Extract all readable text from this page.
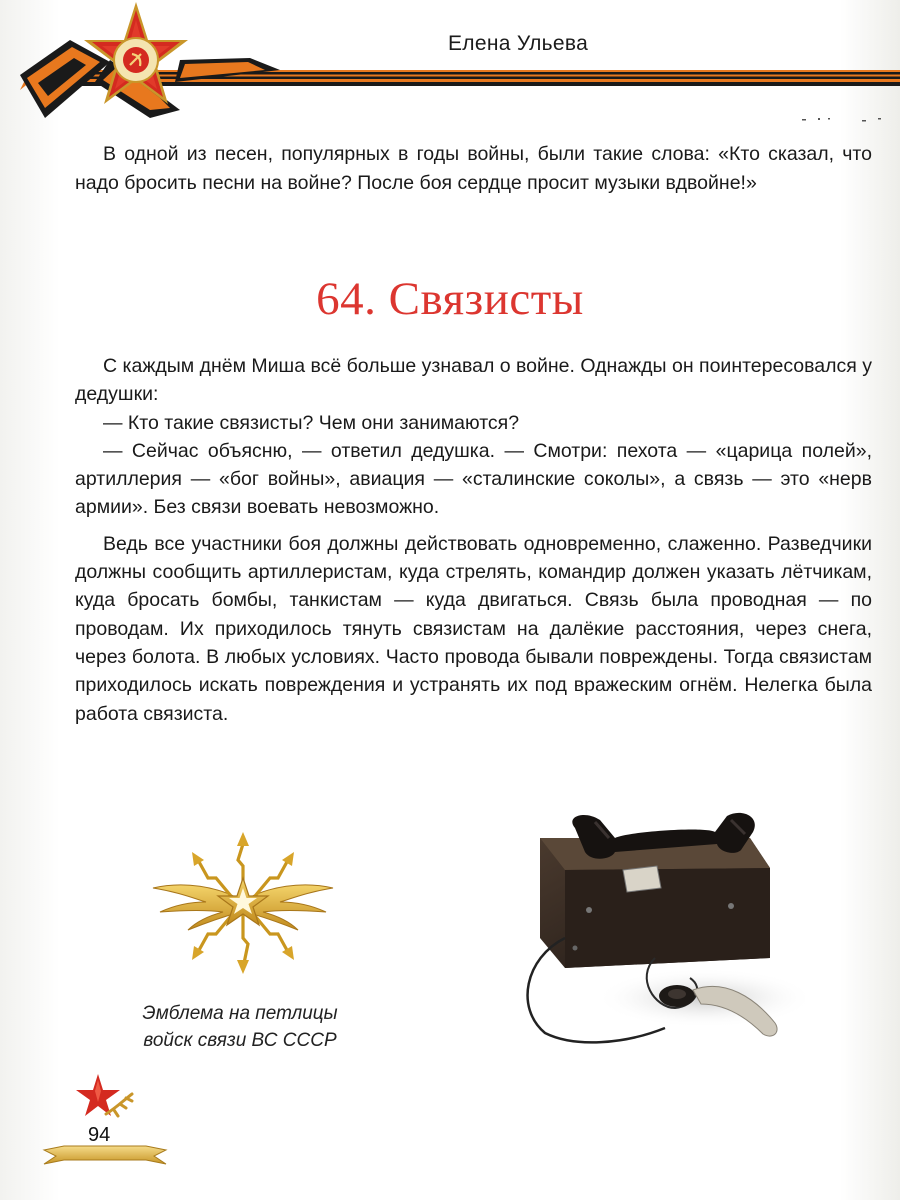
Елена Ульева

В одной из песен, популярных в годы войны, были такие слова: «Кто сказал, что надо бросить песни на войне? После боя сердце просит музыки вдвойне!»

64. Связисты

С каждым днём Миша всё больше узнавал о войне. Однажды он поинтересовался у дедушки:

— Кто такие связисты? Чем они занимаются?

— Сейчас объясню, — ответил дедушка. — Смотри: пехота — «царица полей», артиллерия — «бог войны», авиация — «сталинские соколы», а связь — это «нерв армии». Без связи воевать невозможно.

Ведь все участники боя должны действовать одновременно, слаженно. Разведчики должны сообщить артиллеристам, куда стрелять, командир должен указать лётчикам, куда бросать бомбы, танкистам — куда двигаться. Связь была проводная — по проводам. Их приходилось тянуть связистам на далёкие расстояния, через снега, через болота. В любых условиях. Часто провода бывали повреждены. Тогда связистам приходилось искать повреждения и устранять их под вражеским огнём. Нелегка была работа связиста.

Эмблема на петлицы
войск связи ВС СССР
94
